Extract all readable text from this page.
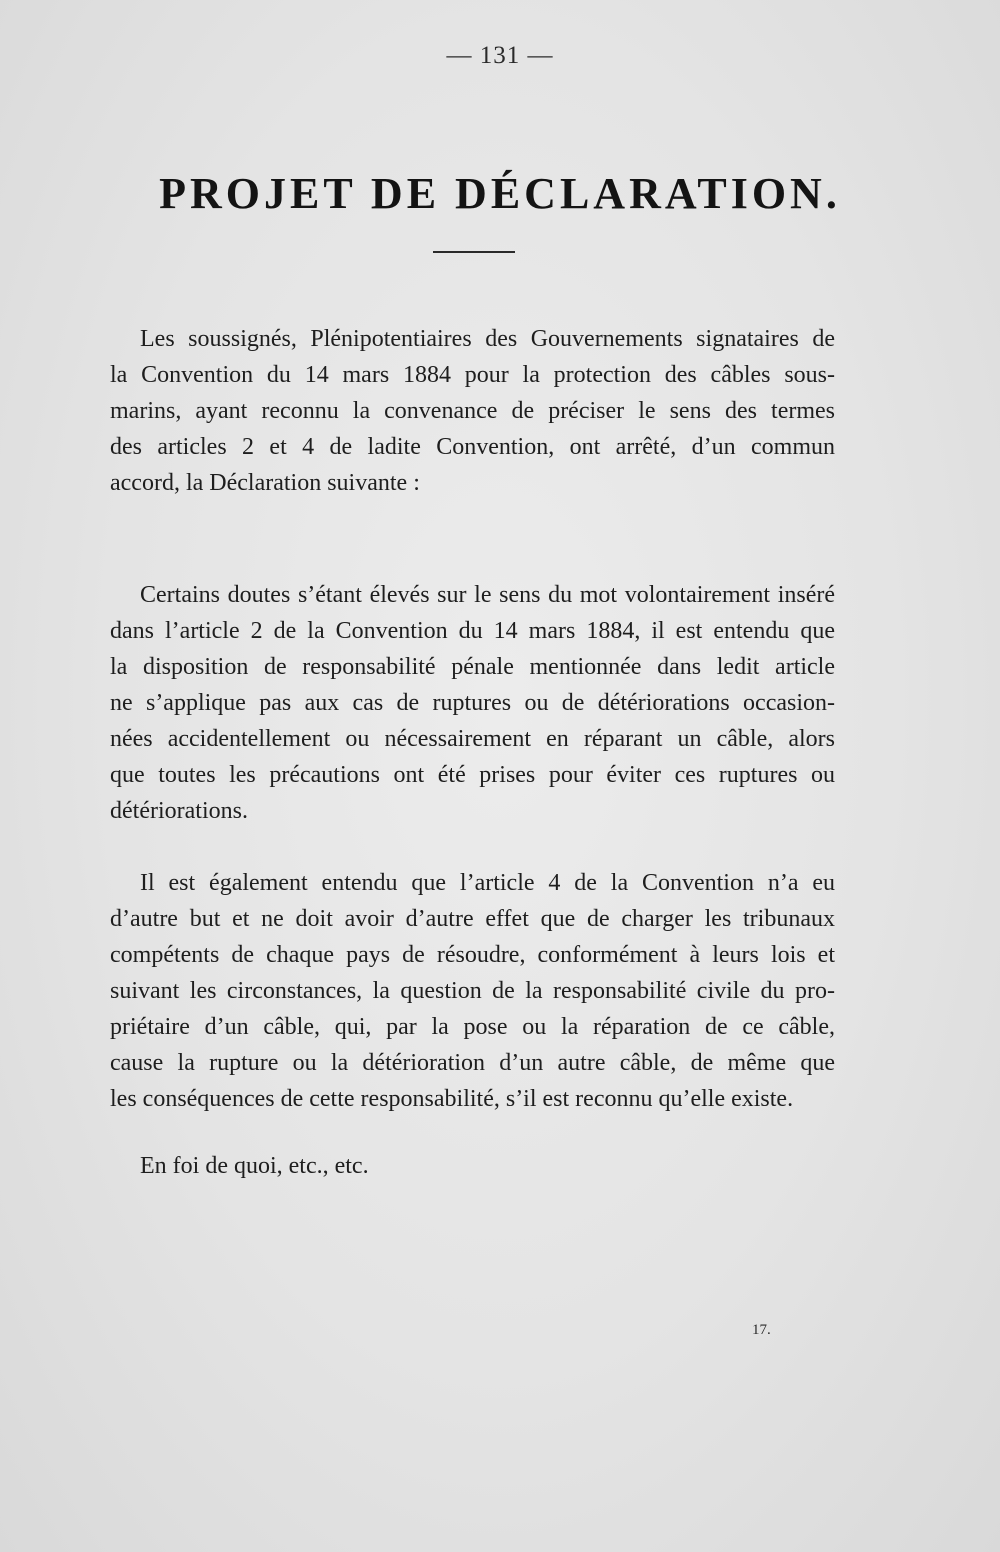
— 131 —
PROJET DE DÉCLARATION.

Les soussignés, Plénipotentiaires des Gouvernements signataires de
la Convention du 14 mars 1884 pour la protection des câbles sous-
marins, ayant reconnu la convenance de préciser le sens des termes
des articles 2 et 4 de ladite Convention, ont arrêté, d’un commun
accord, la Déclaration suivante :

Certains doutes s’étant élevés sur le sens du mot volontairement inséré
dans l’article 2 de la Convention du 14 mars 1884, il est entendu que
la disposition de responsabilité pénale mentionnée dans ledit article
ne s’applique pas aux cas de ruptures ou de détériorations occasion-
nées accidentellement ou nécessairement en réparant un câble, alors
que toutes les précautions ont été prises pour éviter ces ruptures ou
détériorations.

Il est également entendu que l’article 4 de la Convention n’a eu
d’autre but et ne doit avoir d’autre effet que de charger les tribunaux
compétents de chaque pays de résoudre, conformément à leurs lois et
suivant les circonstances, la question de la responsabilité civile du pro-
priétaire d’un câble, qui, par la pose ou la réparation de ce câble,
cause la rupture ou la détérioration d’un autre câble, de même que
les conséquences de cette responsabilité, s’il est reconnu qu’elle existe.

En foi de quoi, etc., etc.

17.
